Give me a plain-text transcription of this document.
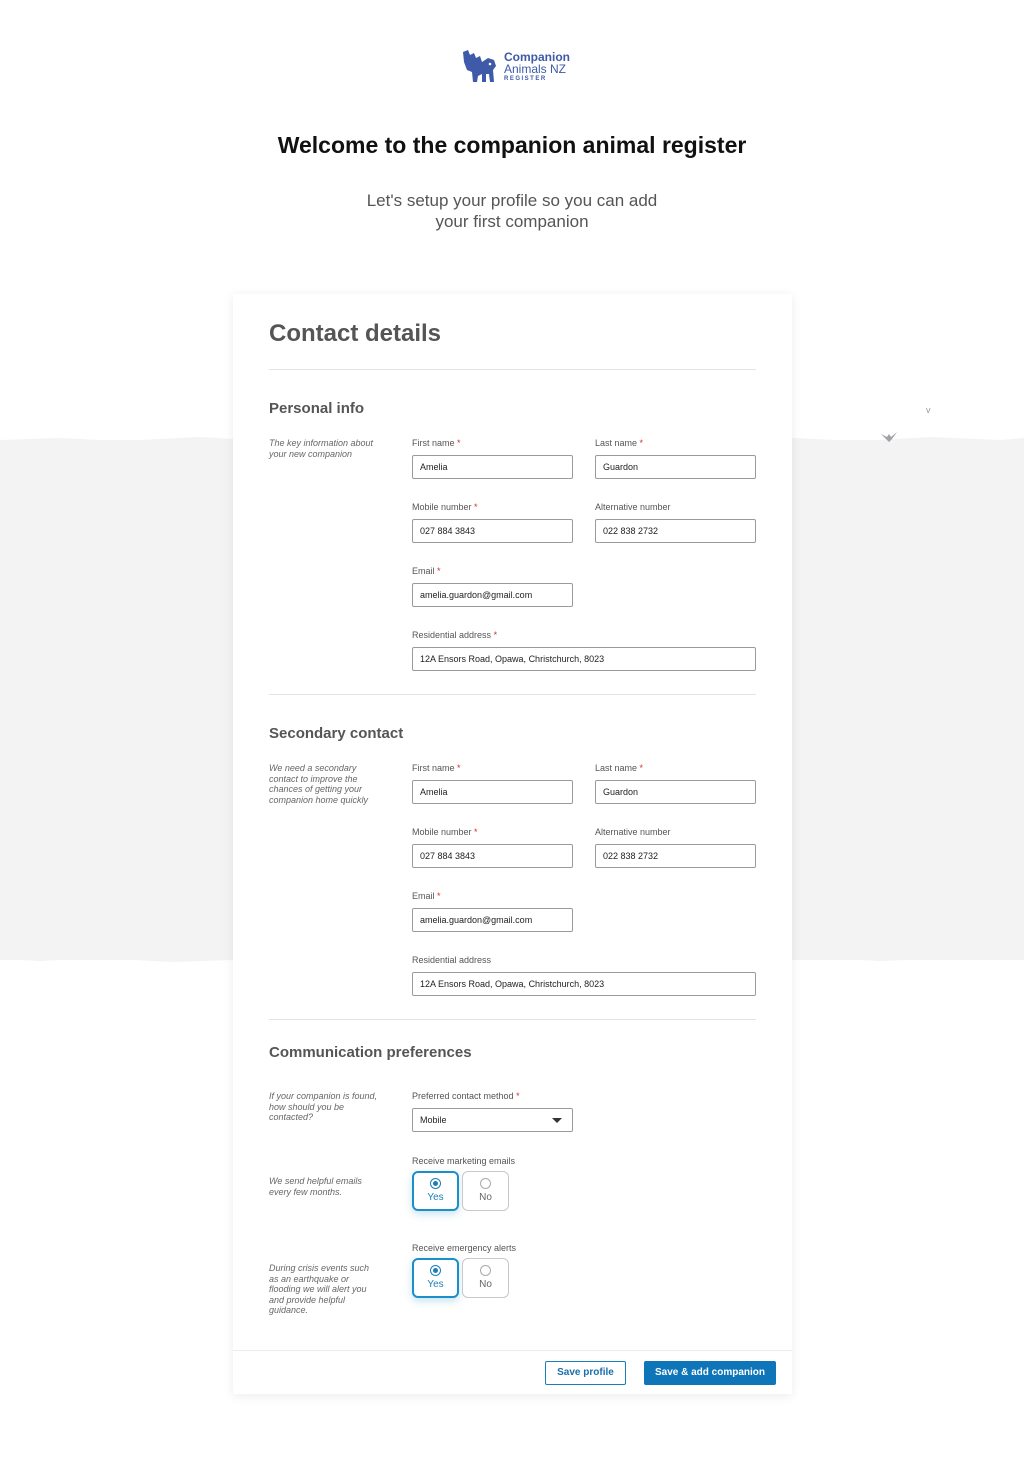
v
Companion
Animals NZ
REGISTER
Welcome to the companion animal register

Let's setup your profile so you can add your first companion

Contact details
Personal info

The key information about your new companion

First name *
Amelia
Last name *
Guardon
Mobile number *
027 884 3843
Alternative number
022 838 2732
Email *
amelia.guardon@gmail.com
Residential address *
12A Ensors Road, Opawa, Christchurch, 8023
Secondary contact

We need a secondary contact to improve the chances of getting your companion home quickly

First name *
Amelia
Last name *
Guardon
Mobile number *
027 884 3843
Alternative number
022 838 2732
Email *
amelia.guardon@gmail.com
Residential address
12A Ensors Road, Opawa, Christchurch, 8023
Communication preferences

If your companion is found, how should you be contacted?

Preferred contact method *
Mobile

We send helpful emails every few months.

Receive marketing emails
Yes	No

During crisis events such as an earthquake or flooding we will alert you and provide helpful guidance.

Receive emergency alerts
Yes	No
Save profile	Save & add companion
